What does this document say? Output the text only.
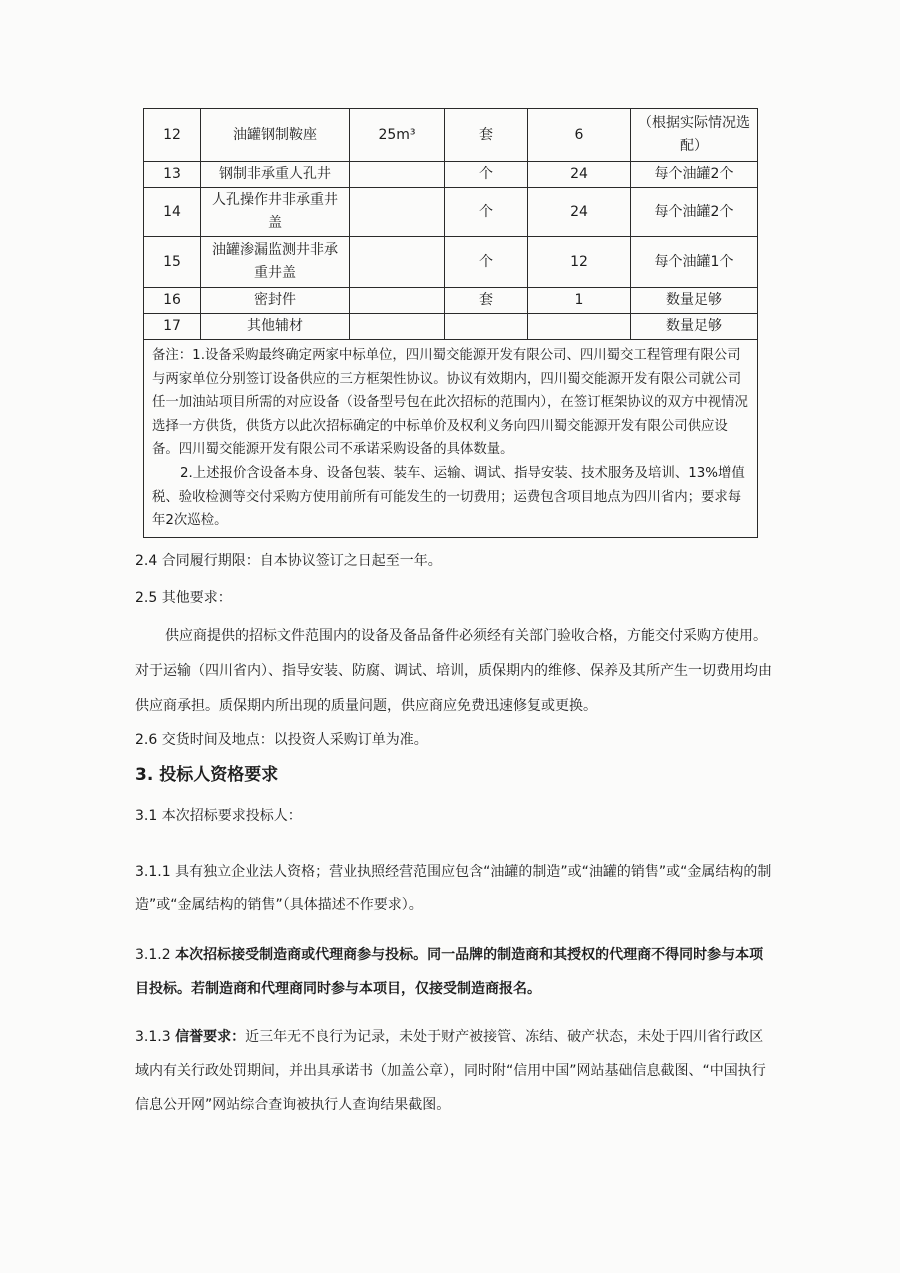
12	油罐钢制鞍座	25m³	套	6	（根据实际情况选配）
13	钢制非承重人孔井		个	24	每个油罐2个
14	人孔操作井非承重井盖		个	24	每个油罐2个
15	油罐渗漏监测井非承重井盖		个	12	每个油罐1个
16	密封件		套	1	数量足够
17	其他辅材				数量足够

备注：1.设备采购最终确定两家中标单位，四川蜀交能源开发有限公司、四川蜀交工程管理有限公司与两家单位分别签订设备供应的三方框架性协议。协议有效期内，四川蜀交能源开发有限公司就公司任一加油站项目所需的对应设备（设备型号包在此次招标的范围内），在签订框架协议的双方中视情况选择一方供货，供货方以此次招标确定的中标单价及权利义务向四川蜀交能源开发有限公司供应设备。四川蜀交能源开发有限公司不承诺采购设备的具体数量。

2.上述报价含设备本身、设备包装、装车、运输、调试、指导安装、技术服务及培训、13%增值税、验收检测等交付采购方使用前所有可能发生的一切费用；运费包含项目地点为四川省内；要求每年2次巡检。					

2.4 合同履行期限：自本协议签订之日起至一年。

2.5 其他要求：

供应商提供的招标文件范围内的设备及备品备件必须经有关部门验收合格，方能交付采购方使用。对于运输（四川省内）、指导安装、防腐、调试、培训，质保期内的维修、保养及其所产生一切费用均由供应商承担。质保期内所出现的质量问题，供应商应免费迅速修复或更换。

2.6 交货时间及地点：以投资人采购订单为准。

3. 投标人资格要求

3.1 本次招标要求投标人：

3.1.1 具有独立企业法人资格；营业执照经营范围应包含“油罐的制造”或“油罐的销售”或“金属结构的制造”或“金属结构的销售”（具体描述不作要求）。

3.1.2 本次招标接受制造商或代理商参与投标。同一品牌的制造商和其授权的代理商不得同时参与本项目投标。若制造商和代理商同时参与本项目，仅接受制造商报名。

3.1.3 信誉要求：近三年无不良行为记录，未处于财产被接管、冻结、破产状态，未处于四川省行政区域内有关行政处罚期间，并出具承诺书（加盖公章），同时附“信用中国”网站基础信息截图、“中国执行信息公开网”网站综合查询被执行人查询结果截图。
